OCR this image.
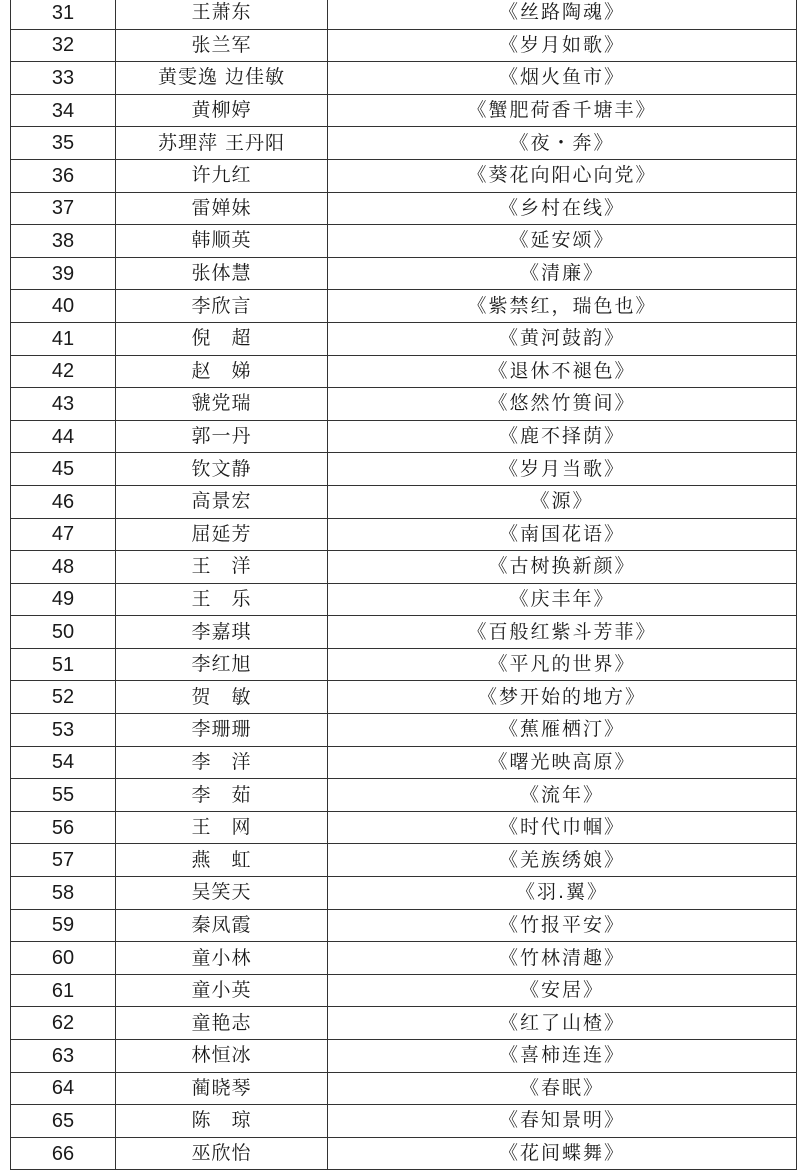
31	王萧东	《丝路陶魂》
32	张兰军	《岁月如歌》
33	黄雯逸 边佳敏	《烟火鱼市》
34	黄柳婷	《蟹肥荷香千塘丰》
35	苏理萍 王丹阳	《夜・奔》
36	许九红	《葵花向阳心向党》
37	雷婵妹	《乡村在线》
38	韩顺英	《延安颂》
39	张体慧	《清廉》
40	李欣言	《紫禁红，瑞色也》
41	倪　超	《黄河鼓韵》
42	赵　娣	《退休不褪色》
43	虢党瑞	《悠然竹篑间》
44	郭一丹	《鹿不择荫》
45	钦文静	《岁月当歌》
46	高景宏	《源》
47	屈延芳	《南国花语》
48	王　洋	《古树换新颜》
49	王　乐	《庆丰年》
50	李嘉琪	《百般红紫斗芳菲》
51	李红旭	《平凡的世界》
52	贺　敏	《梦开始的地方》
53	李珊珊	《蕉雁栖汀》
54	李　洋	《曙光映高原》
55	李　茹	《流年》
56	王　网	《时代巾帼》
57	燕　虹	《羌族绣娘》
58	吴笑天	《羽.翼》
59	秦凤霞	《竹报平安》
60	童小林	《竹林清趣》
61	童小英	《安居》
62	童艳志	《红了山楂》
63	林恒冰	《喜柿连连》
64	蔺晓琴	《春眠》
65	陈　琼	《春知景明》
66	巫欣怡	《花间蝶舞》
